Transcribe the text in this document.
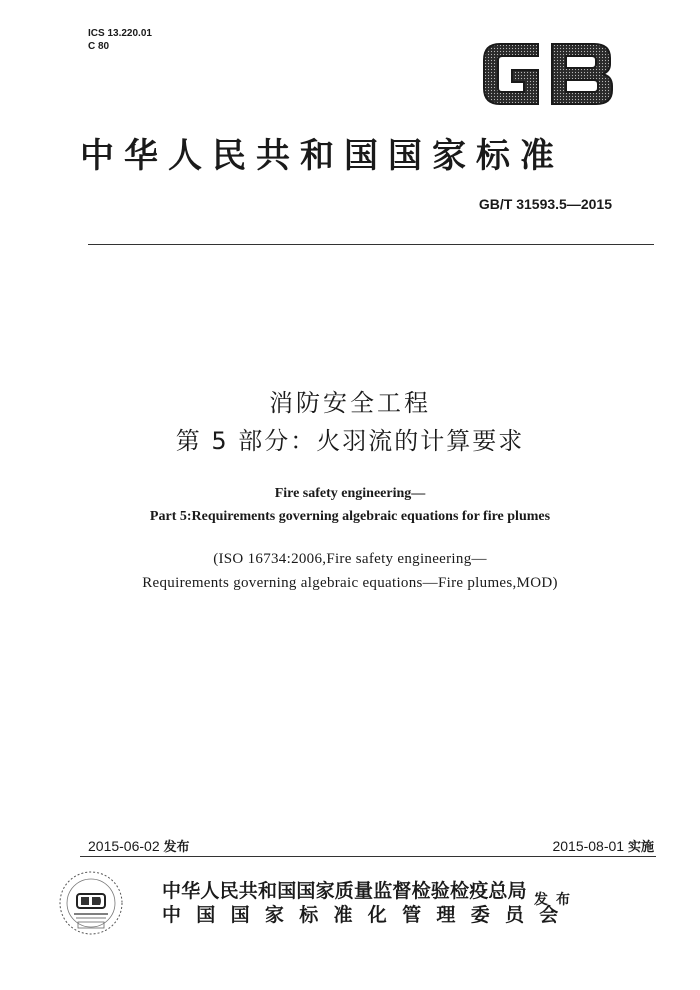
ICS 13.220.01
C 80
中华人民共和国国家标准
GB/T 31593.5—2015
消防安全工程
第 5 部分：火羽流的计算要求
Fire safety engineering—
Part 5:Requirements governing algebraic equations for fire plumes
(ISO 16734:2006,Fire safety engineering—
Requirements governing algebraic equations—Fire plumes,MOD)
2015-06-02 发布	2015-08-01 实施
中华人民共和国国家质量监督检验检疫总局
中国国家标准化管理委员会
发布
